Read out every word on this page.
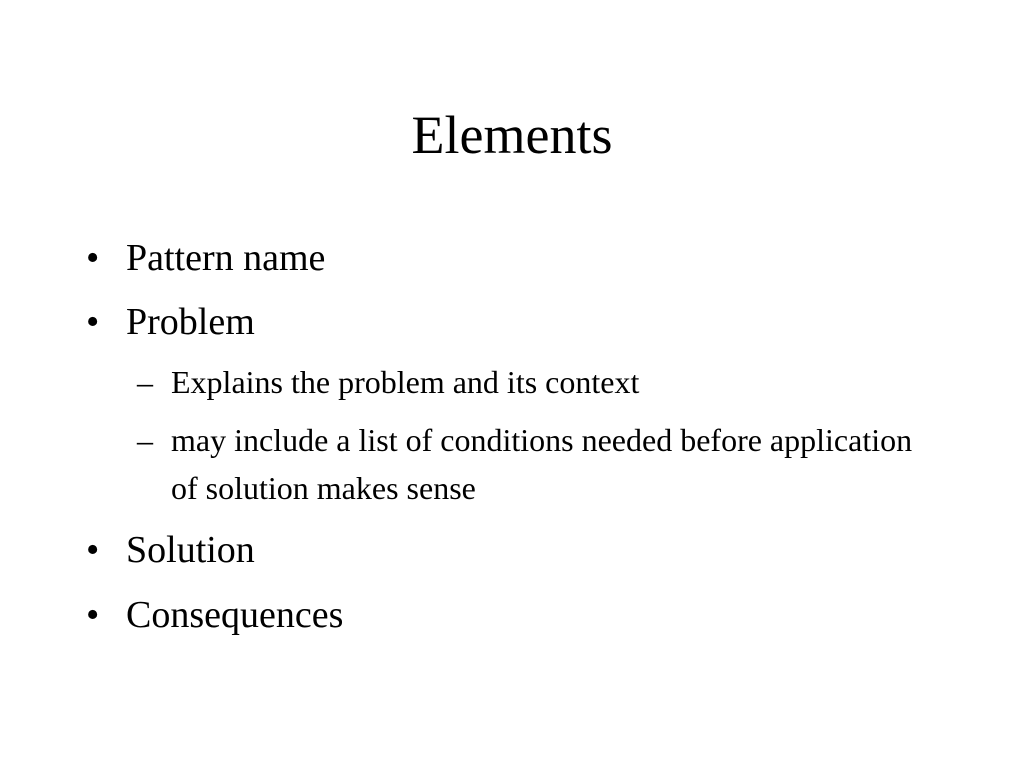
Elements
• Pattern name
• Problem
– Explains the problem and its context
– may include a list of conditions needed before application of solution makes sense
• Solution
• Consequences
